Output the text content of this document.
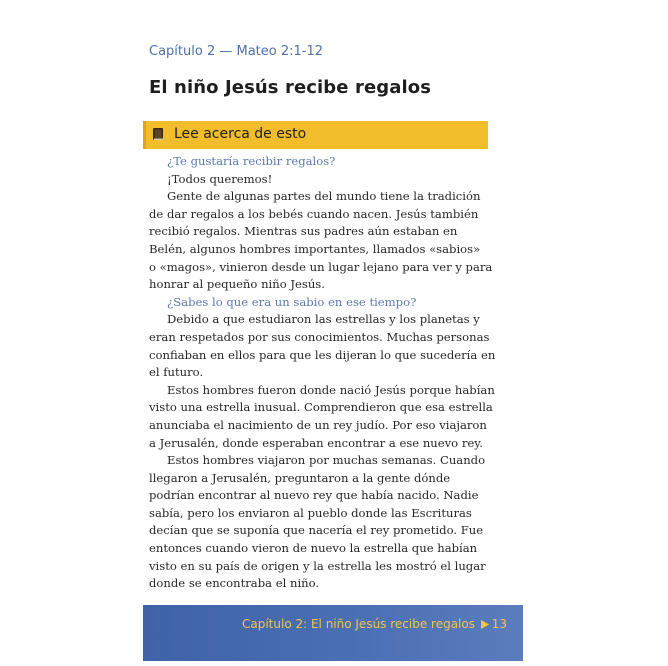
Capítulo 2 — Mateo 2:1-12
El niño Jesús recibe regalos
Lee acerca de esto

¿Te gustaría recibir regalos?

¡Todos queremos!

Gente de algunas partes del mundo tiene la tradición
de dar regalos a los bebés cuando nacen. Jesús también
recibió regalos. Mientras sus padres aún estaban en
Belén, algunos hombres importantes, llamados «sabios»
o «magos», vinieron desde un lugar lejano para ver y para
honrar al pequeño niño Jesús.

¿Sabes lo que era un sabio en ese tiempo?

Debido a que estudiaron las estrellas y los planetas y
eran respetados por sus conocimientos. Muchas personas
confiaban en ellos para que les dijeran lo que sucedería en
el futuro.

Estos hombres fueron donde nació Jesús porque habían
visto una estrella inusual. Comprendieron que esa estrella
anunciaba el nacimiento de un rey judío. Por eso viajaron
a Jerusalén, donde esperaban encontrar a ese nuevo rey.

Estos hombres viajaron por muchas semanas. Cuando
llegaron a Jerusalén, preguntaron a la gente dónde
podrían encontrar al nuevo rey que había nacido. Nadie
sabía, pero los enviaron al pueblo donde las Escrituras
decían que se suponía que nacería el rey prometido. Fue
entonces cuando vieron de nuevo la estrella que habían
visto en su país de origen y la estrella les mostró el lugar
donde se encontraba el niño.

Capítulo 2: El niño Jesús recibe regalos 13
